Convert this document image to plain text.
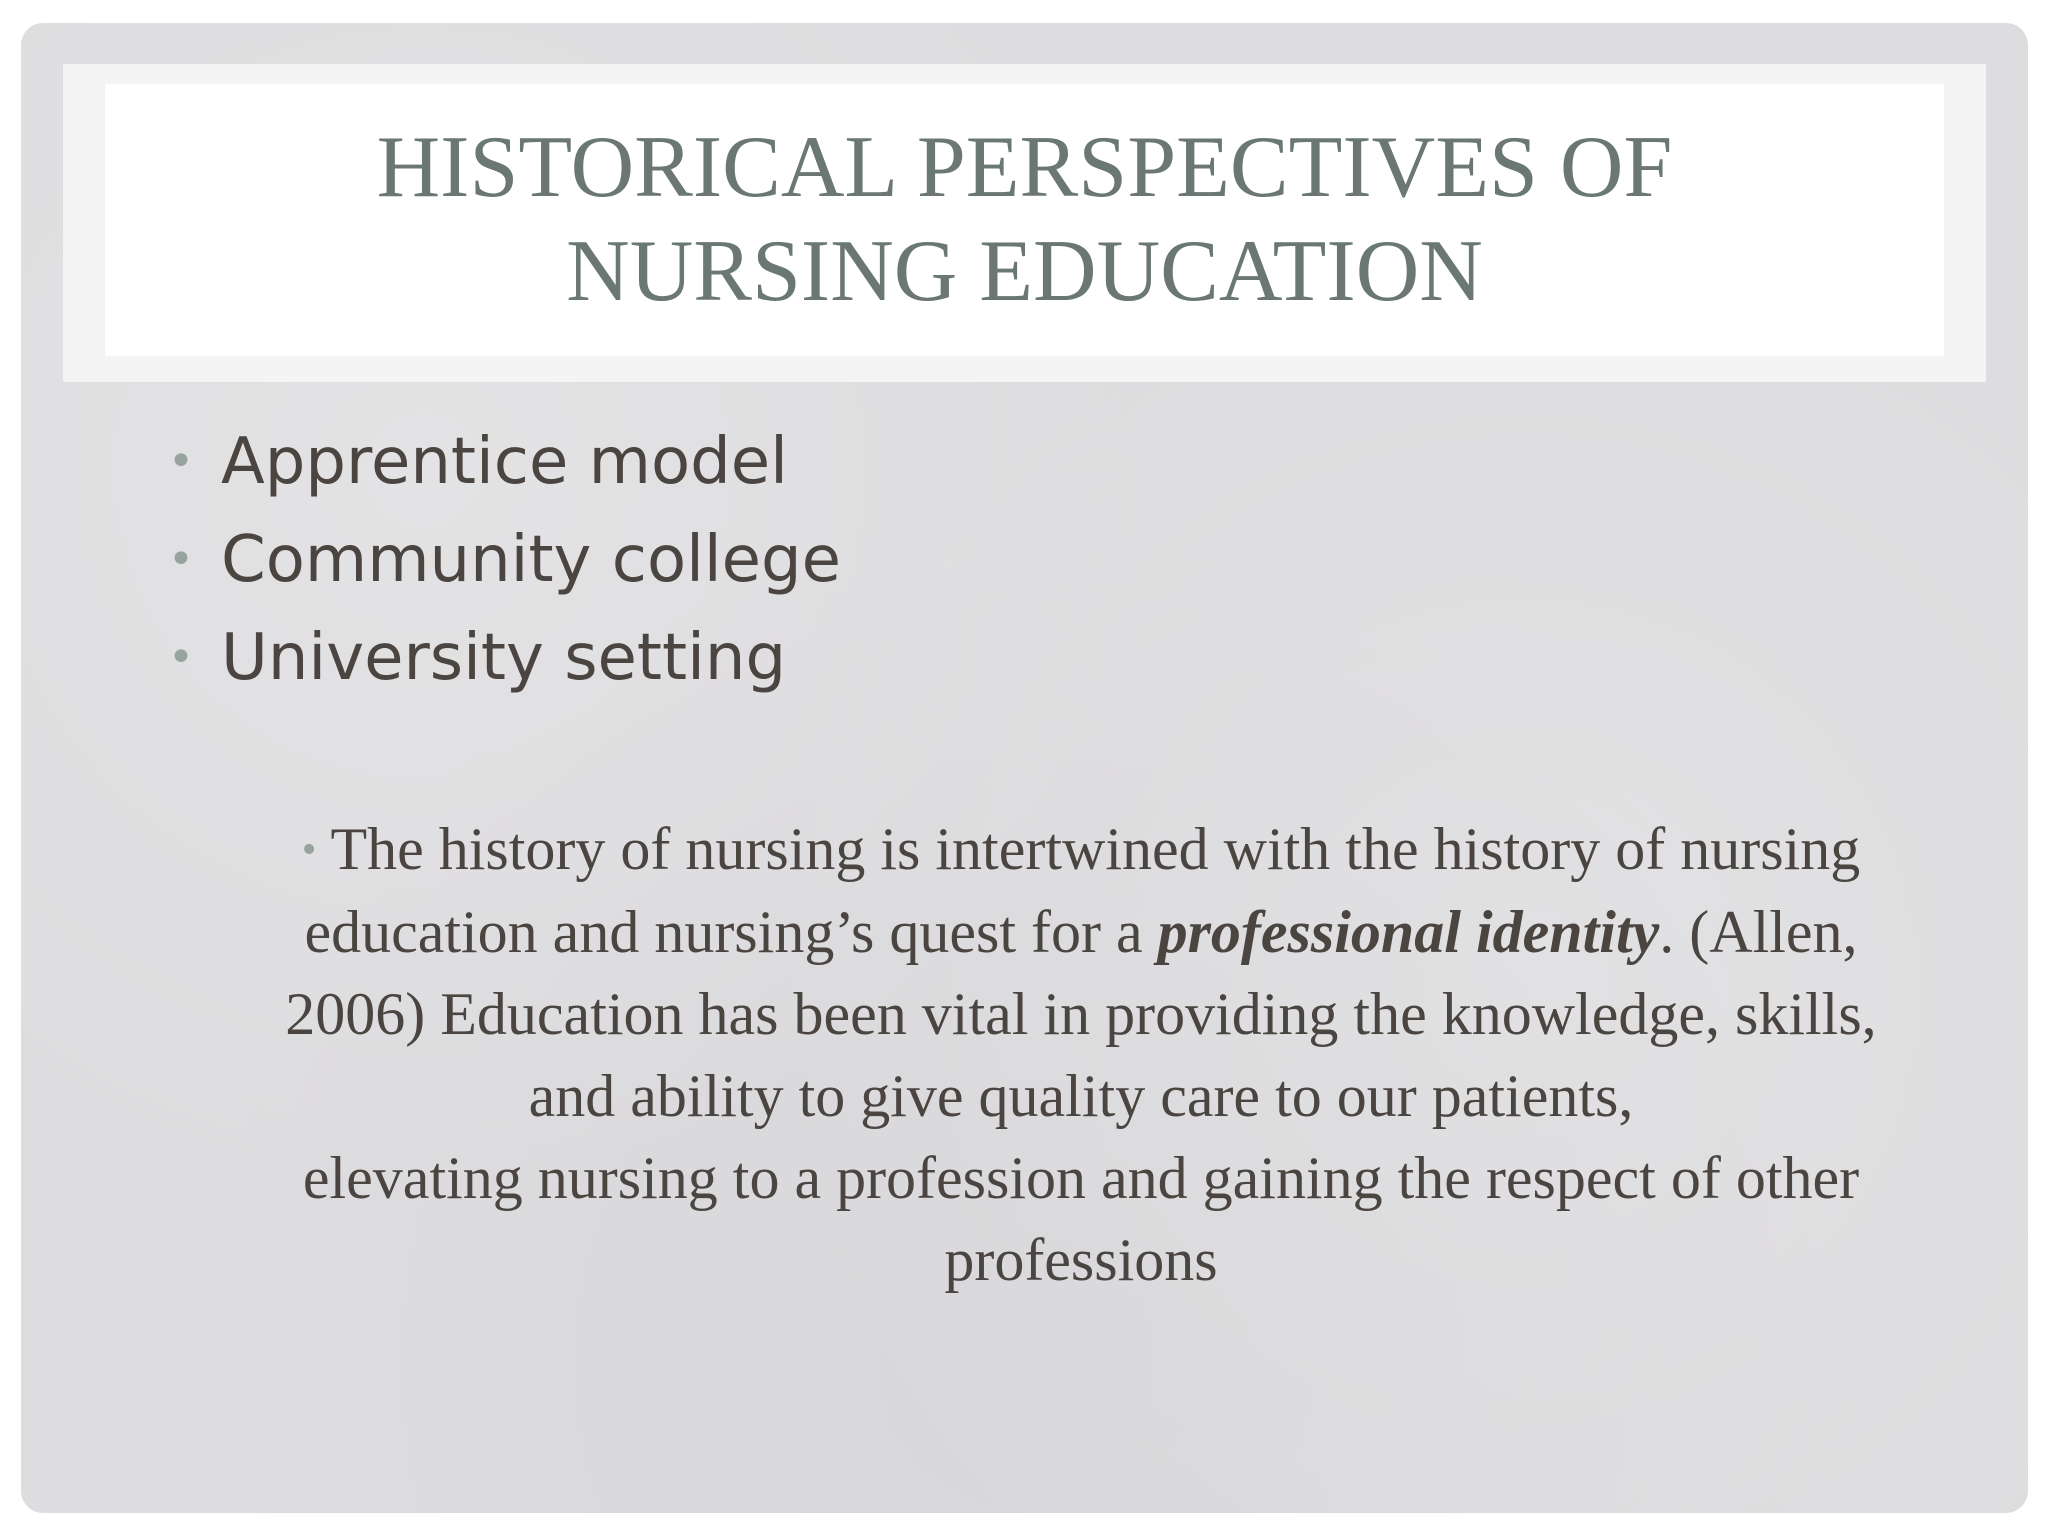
HISTORICAL PERSPECTIVES OF
NURSING EDUCATION
• Apprentice model
• Community college
• University setting

• The history of nursing is intertwined with the history of nursing education and nursing’s quest for a professional identity. (Allen, 2006) Education has been vital in providing the knowledge, skills, and ability to give quality care to our patients,
elevating nursing to a profession and gaining the respect of other professions
